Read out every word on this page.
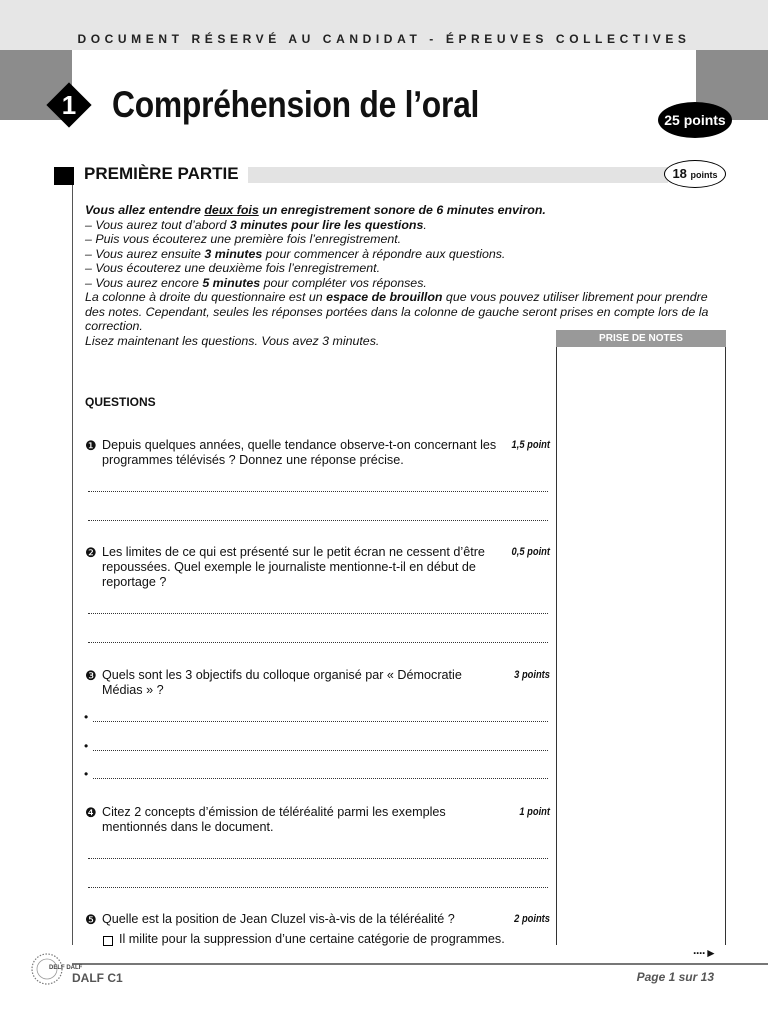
DOCUMENT RÉSERVÉ AU CANDIDAT - ÉPREUVES COLLECTIVES
1 Compréhension de l’oral	25 points
PREMIÈRE PARTIE	18 points

Vous allez entendre deux fois un enregistrement sonore de 6 minutes environ.

– Vous aurez tout d’abord 3 minutes pour lire les questions.

– Puis vous écouterez une première fois l’enregistrement.

– Vous aurez ensuite 3 minutes pour commencer à répondre aux questions.

– Vous écouterez une deuxième fois l’enregistrement.

– Vous aurez encore 5 minutes pour compléter vos réponses.

La colonne à droite du questionnaire est un espace de brouillon que vous pouvez utiliser librement pour prendre des notes. Cependant, seules les réponses portées dans la colonne de gauche seront prises en compte lors de la correction.

Lisez maintenant les questions. Vous avez 3 minutes.	PRISE DE NOTES
QUESTIONS
❶ Depuis quelques années, quelle tendance observe-t-on concernant les programmes télévisés ? Donnez une réponse précise.
1,5 point
❷ Les limites de ce qui est présenté sur le petit écran ne cessent d’être repoussées. Quel exemple le journaliste mentionne-t-il en début de reportage ?
0,5 point
❸ Quels sont les 3 objectifs du colloque organisé par « Démocratie Médias » ?
3 points
•
•
•
❹ Citez 2 concepts d’émission de téléréalité parmi les exemples mentionnés dans le document.
1 point
❺ Quelle est la position de Jean Cluzel vis-à-vis de la téléréalité ?	2 points
Il milite pour la suppression d’une certaine catégorie de programmes.
····►
DELF DALF
DALF C1	Page 1 sur 13
